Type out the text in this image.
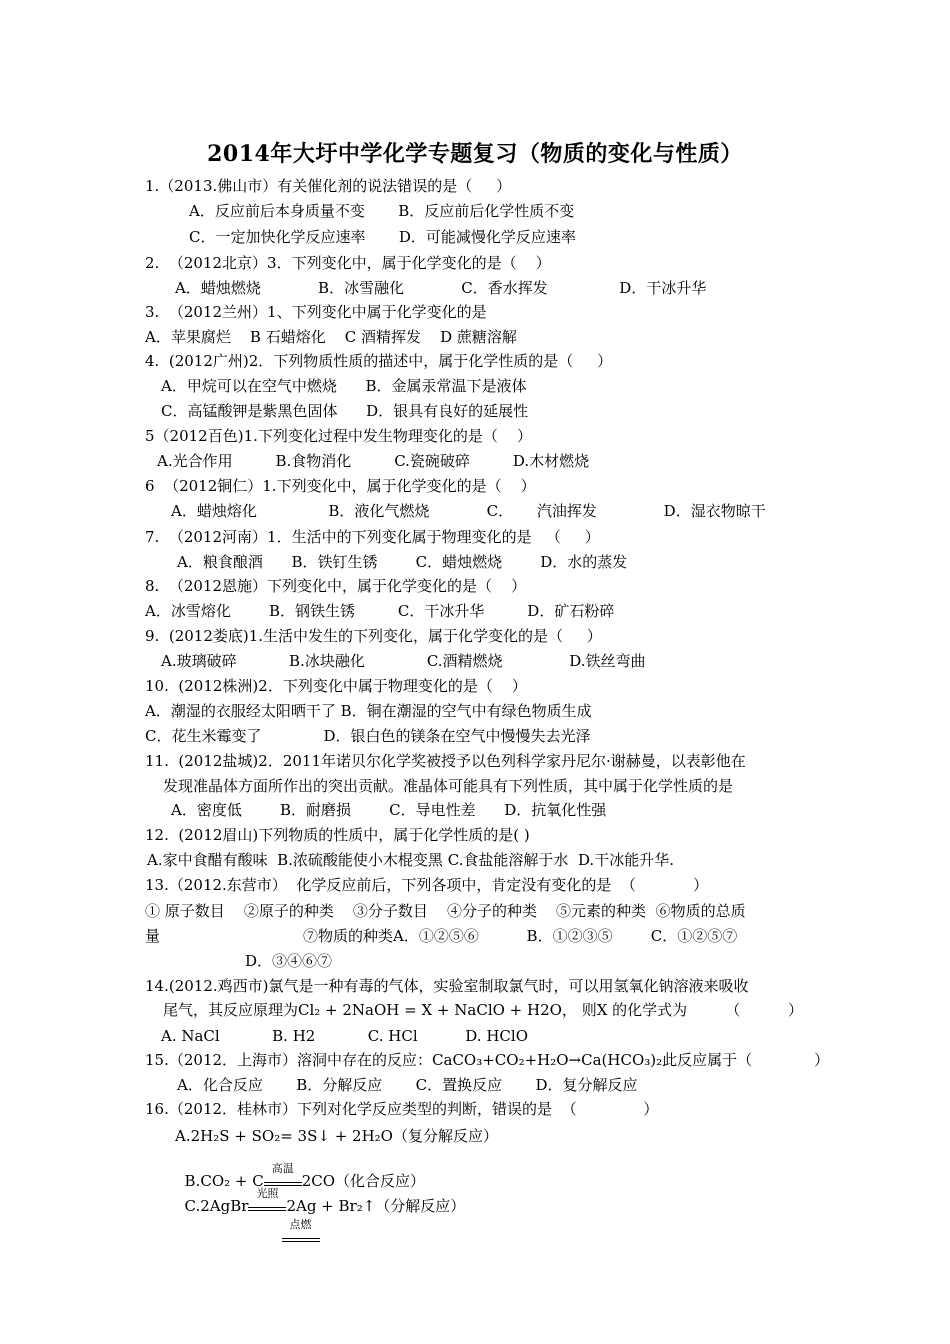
2014年大圩中学化学专题复习（物质的变化与性质）
1.（2013.佛山市）有关催化剂的说法错误的是（     ）
A．反应前后本身质量不变       B．反应前后化学性质不变
C．一定加快化学反应速率       D．可能减慢化学反应速率
2.  （2012北京）3．下列变化中，属于化学变化的是（    ）
A．蜡烛燃烧            B．冰雪融化            C．香水挥发               D．干冰升华
3.  （2012兰州）1、下列变化中属于化学变化的是
A．苹果腐烂    B 石蜡熔化    C 酒精挥发    D 蔗糖溶解
4.  (2012广州)2．下列物质性质的描述中，属于化学性质的是（     ）
A．甲烷可以在空气中燃烧      B．金属汞常温下是液体
C．高锰酸钾是紫黑色固体      D．银具有良好的延展性
5（2012百色)1.下列变化过程中发生物理变化的是（    ）
A.光合作用         B.食物消化         C.瓷碗破碎         D.木材燃烧
6  （2012铜仁）1.下列变化中，属于化学变化的是（    ）
A．蜡烛熔化               B．液化气燃烧            C．     汽油挥发              D．湿衣物晾干
7.  （2012河南）1．生活中的下列变化属于物理变化的是   （     ）
A．粮食酿酒      B．铁钉生锈        C．蜡烛燃烧        D．水的蒸发
8.  （2012恩施）下列变化中，属于化学变化的是（    ）
A．冰雪熔化        B．钢铁生锈         C．干冰升华         D．矿石粉碎
9.  (2012娄底)1.生活中发生的下列变化，属于化学变化的是（     ）
A.玻璃破碎           B.冰块融化             C.酒精燃烧              D.铁丝弯曲
10.  (2012株洲)2．下列变化中属于物理变化的是（    ）
A．潮湿的衣服经太阳晒干了 B．铜在潮湿的空气中有绿色物质生成
C．花生米霉变了             D．银白色的镁条在空气中慢慢失去光泽
11.  (2012盐城)2．2011年诺贝尔化学奖被授予以色列科学家丹尼尔·谢赫曼，以表彰他在
发现准晶体方面所作出的突出贡献。准晶体可能具有下列性质，其中属于化学性质的是
A．密度低        B．耐磨损        C．导电性差      D．抗氧化性强
12.  (2012眉山)下列物质的性质中，属于化学性质的是( )
A.家中食醋有酸味  B.浓硫酸能使小木棍变黑 C.食盐能溶解于水  D.干冰能升华.
13.（2012.东营市）  化学反应前后，下列各项中，肯定没有变化的是  （            ）
① 原子数目    ②原子的种类    ③分子数目    ④分子的种类    ⑤元素的种类  ⑥物质的总质
量                              ⑦物质的种类A．①②⑤⑥          B．①②③⑤        C．①②⑤⑦
D．③④⑥⑦
14.(2012.鸡西市)氯气是一种有毒的气体，实验室制取氯气时，可以用氢氧化钠溶液来吸收
尾气，其反应原理为Cl₂ + 2NaOH = X + NaClO + H2O， 则X 的化学式为        （          ）
A. NaCl           B. H2           C. HCl          D. HClO
15.（2012．上海市）溶洞中存在的反应：CaCO₃+CO₂+H₂O→Ca(HCO₃)₂此反应属于（             ）
A．化合反应       B．分解反应       C．置换反应       D．复分解反应
16.（2012．桂林市）下列对化学反应类型的判断，错误的是  （              ）
A.2H₂S + SO₂= 3S↓ + 2H₂O（复分解反应）

B.CO₂ + C
高温
2CO（化合反应）

C.2AgBr
光照
2Ag + Br₂↑（分解反应）

点燃
